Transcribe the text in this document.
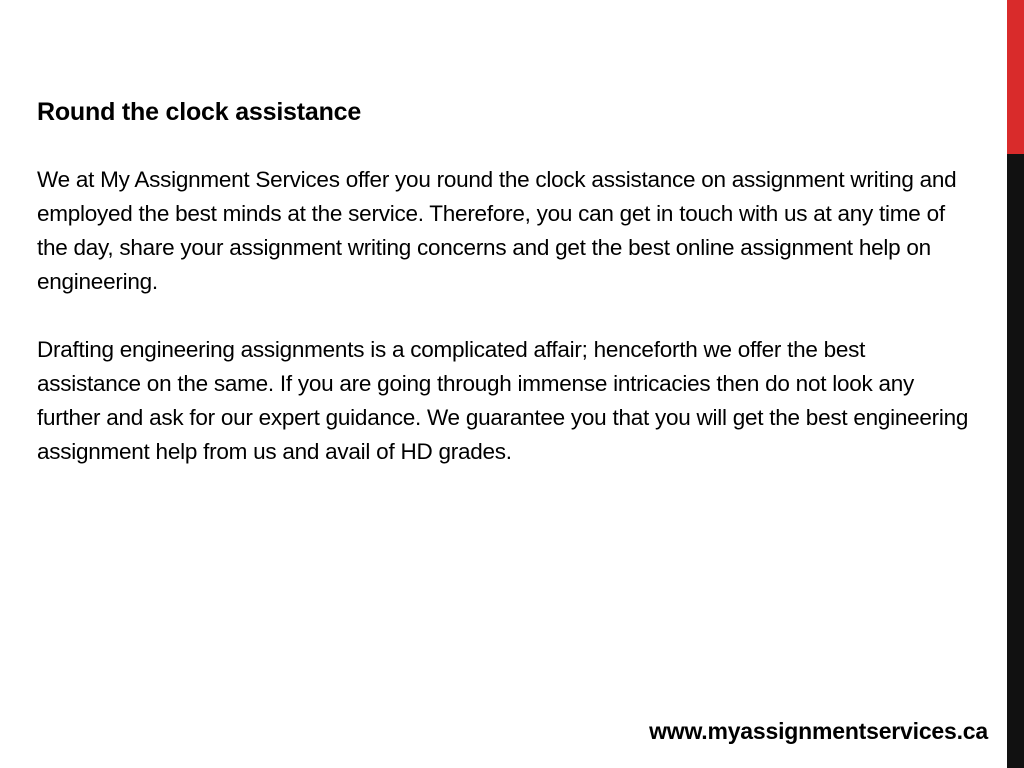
Round the clock assistance

We at My Assignment Services offer you round the clock assistance on assignment writing and employed the best minds at the service. Therefore, you can get in touch with us at any time of the day, share your assignment writing concerns and get the best online assignment help on engineering.

Drafting engineering assignments is a complicated affair; henceforth we offer the best assistance on the same. If you are going through immense intricacies then do not look any further and ask for our expert guidance. We guarantee you that you will get the best engineering assignment help from us and avail of HD grades.

www.myassignmentservices.ca
